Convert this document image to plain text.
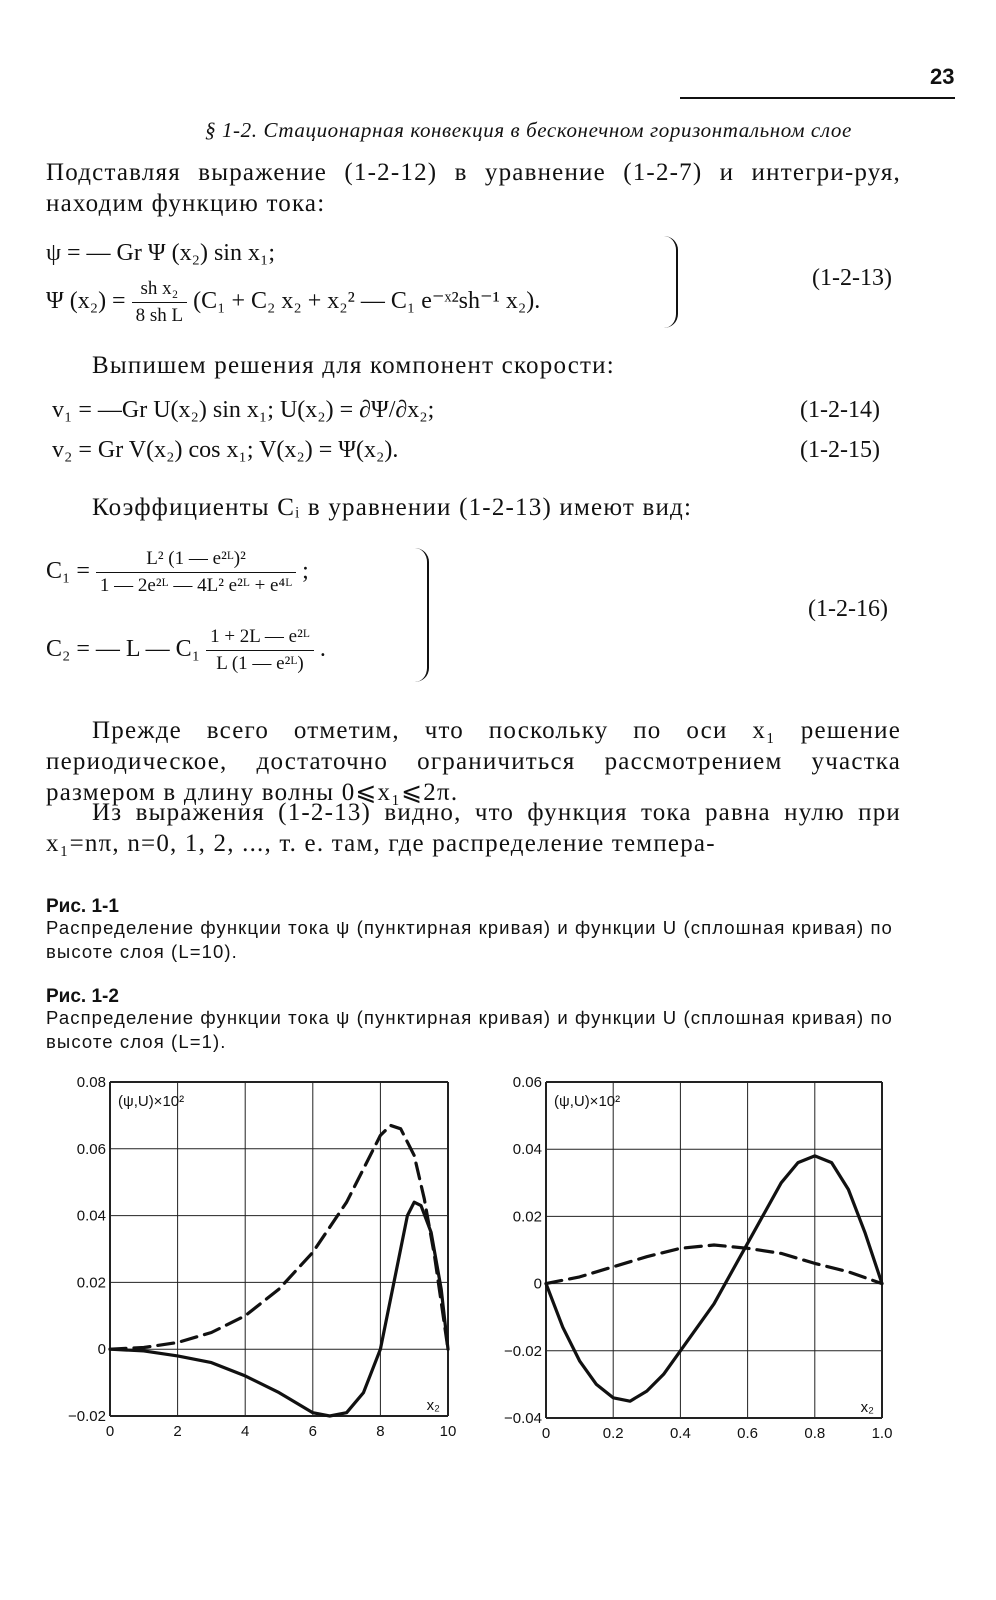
23
§ 1-2. Стационарная конвекция в бесконечном горизонтальном слое
Подставляя выражение (1-2-12) в уравнение (1-2-7) и интегри-руя, находим функцию тока:
ψ = — Gr Ψ (x₂) sin x₁;
Ψ $(x_2) = \frac{\text{sh x₂}}{\text{8 sh L}} (C_1 + C_2$ x₂ + x₂² — C₁ e⁻ˣ²sh⁻¹ x₂).
(1-2-13)
Выпишем решения для компонент скорости:
v₁ = —Gr U(x₂) sin x₁; U(x₂) = ∂Ψ/∂x₂;	(1-2-14)
v₂ = Gr V(x₂) cos x₁; V(x₂) = Ψ(x₂).	(1-2-15)
Коэффициенты Cᵢ в уравнении (1-2-13) имеют вид:
$C_1 = \frac{\text{L² (1 — e²ᴸ)²}}{\text{1 — 2e²ᴸ — 4L² e²ᴸ + e⁴ᴸ}}$ ;
C₂ = — L — $C_1 \frac{\text{1 + 2L — e²ᴸ}}{\text{L (1 — e²ᴸ)}}$ .
(1-2-16)
Прежде всего отметим, что поскольку по оси x₁ решение периодическое, достаточно ограничиться рассмотрением участка размером в длину волны 0⩽x₁⩽2π.
Из выражения (1-2-13) видно, что функция тока равна нулю при x₁=nπ, n=0, 1, 2, ..., т. е. там, где распределение темпера-
Рис. 1-1
Распределение функции тока ψ (пунктирная кривая) и функции U (сплошная кривая) по высоте слоя (L=10).
Рис. 1-2
Распределение функции тока ψ (пунктирная кривая) и функции U (сплошная кривая) по высоте слоя (L=1).
0	2	4	6	8	10
0.08
0.06
0.04
0.02
0
−0.02
(ψ,U)×10²
x₂
0	0.2	0.4	0.6	0.8	1.0
0.06
0.04
0.02
0
−0.02
−0.04
(ψ,U)×10²
x₂
